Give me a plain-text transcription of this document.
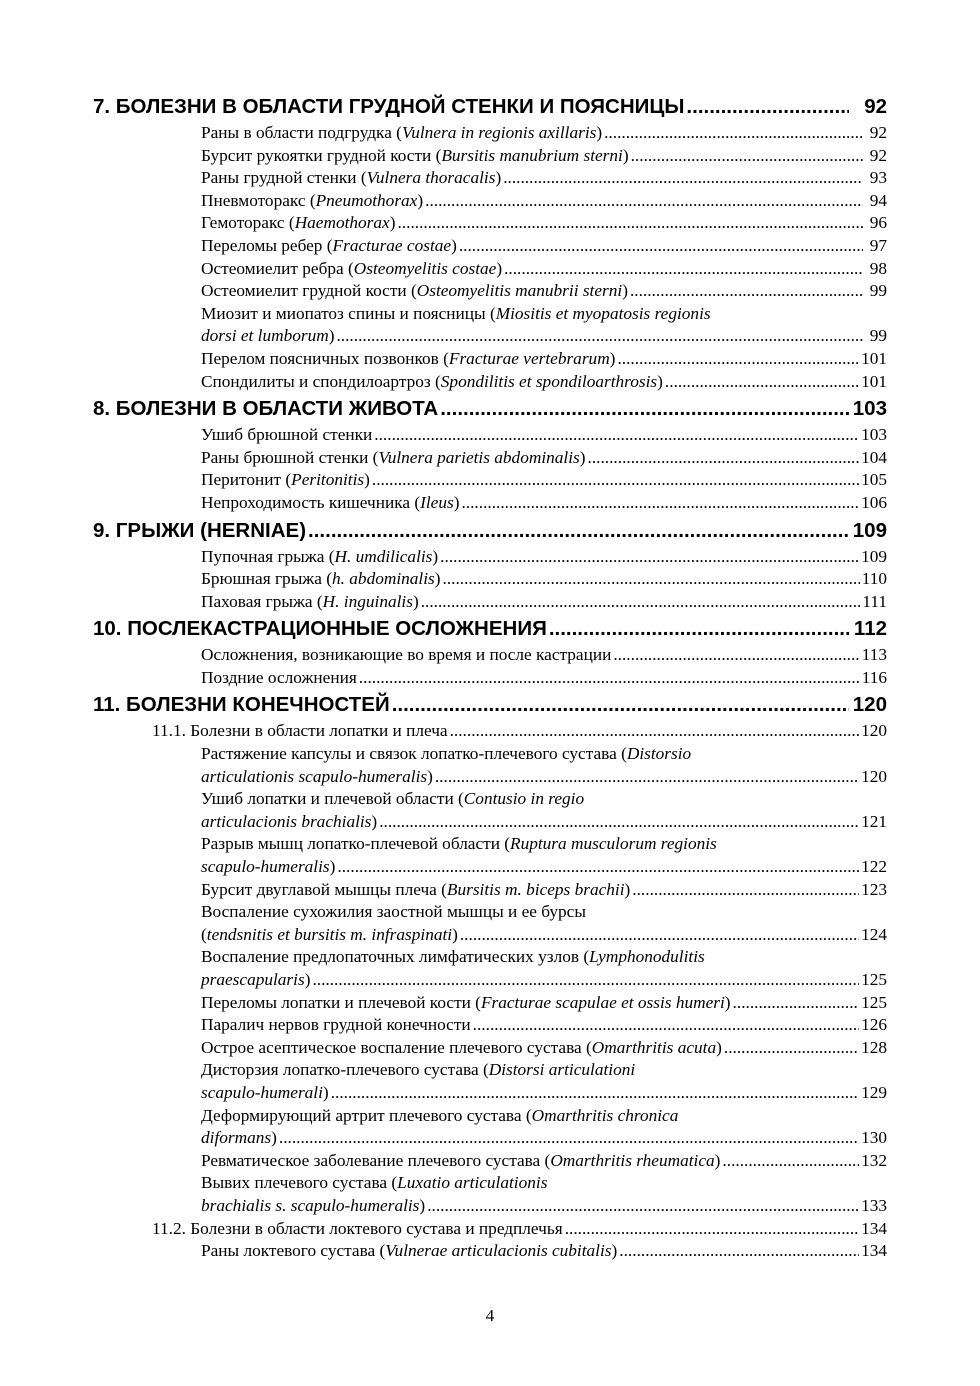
7. БОЛЕЗНИ В ОБЛАСТИ ГРУДНОЙ СТЕНКИ И ПОЯСНИЦЫ .....	92
Раны в области подгрудка (Vulnera in regionis axillaris) .....	92
Бурсит рукоятки грудной кости (Bursitis manubrium sterni) .....	92
Раны грудной стенки (Vulnera thoracalis) .....	93
Пневмоторакс (Pneumothorax) .....	94
Гемоторакс (Haemothorax) .....	96
Переломы ребер (Fracturae costae) .....	97
Остеомиелит ребра (Osteomyelitis costae) .....	98
Остеомиелит грудной кости (Osteomyelitis manubrii sterni) .....	99
Миозит и миопатоз спины и поясницы (Miositis et myopatosis regionis
dorsi et lumborum) .....	99
Перелом поясничных позвонков (Fracturae vertebrarum) .....	101
Спондилиты и спондилоартроз (Spondilitis et spondiloarthrosis) .....	101
8. БОЛЕЗНИ В ОБЛАСТИ ЖИВОТА .....	103
Ушиб брюшной стенки .....	103
Раны брюшной стенки (Vulnera parietis abdominalis) .....	104
Перитонит (Peritonitis) .....	105
Непроходимость кишечника (Ileus) .....	106
9. ГРЫЖИ (HERNIAE) .....	109
Пупочная грыжа (H. umdilicalis) .....	109
Брюшная грыжа (h. abdominalis) .....	110
Паховая грыжа (H. inguinalis) .....	111
10. ПОСЛЕКАСТРАЦИОННЫЕ ОСЛОЖНЕНИЯ .....	112
Осложнения, возникающие во время и после кастрации .....	113
Поздние осложнения .....	116
11. БОЛЕЗНИ КОНЕЧНОСТЕЙ .....	120
11.1. Болезни в области лопатки и плеча .....	120
Растяжение капсулы и связок лопатко-плечевого сустава (Distorsio
articulationis scapulo-humeralis) .....	120
Ушиб лопатки и плечевой области (Contusio in regio
articulacionis brachialis) .....	121
Разрыв мышц лопатко-плечевой области (Ruptura musculorum regionis
scapulo-humeralis) .....	122
Бурсит двуглавой мышцы плеча (Bursitis m. biceps brachii) .....	123
Воспаление сухожилия заостной мышцы и ее бурсы
(tendsnitis et bursitis m. infraspinati) .....	124
Воспаление предлопаточных лимфатических узлов (Lymphonodulitis
praescapularis) .....	125
Переломы лопатки и плечевой кости (Fracturae scapulae et ossis humeri) .....	125
Паралич нервов грудной конечности .....	126
Острое асептическое воспаление плечевого сустава (Omarthritis acuta) .....	128
Дисторзия лопатко-плечевого сустава (Distorsi articulationi
scapulo-humerali) .....	129
Деформирующий артрит плечевого сустава (Omarthritis chronica
diformans) .....	130
Ревматическое заболевание плечевого сустава (Omarthritis rheumatica) .....	132
Вывих плечевого сустава (Luxatio articulationis
brachialis s. scapulo-humeralis) .....	133
11.2. Болезни в области локтевого сустава и предплечья .....	134
Раны локтевого сустава (Vulnerae articulacionis cubitalis) .....	134
4
